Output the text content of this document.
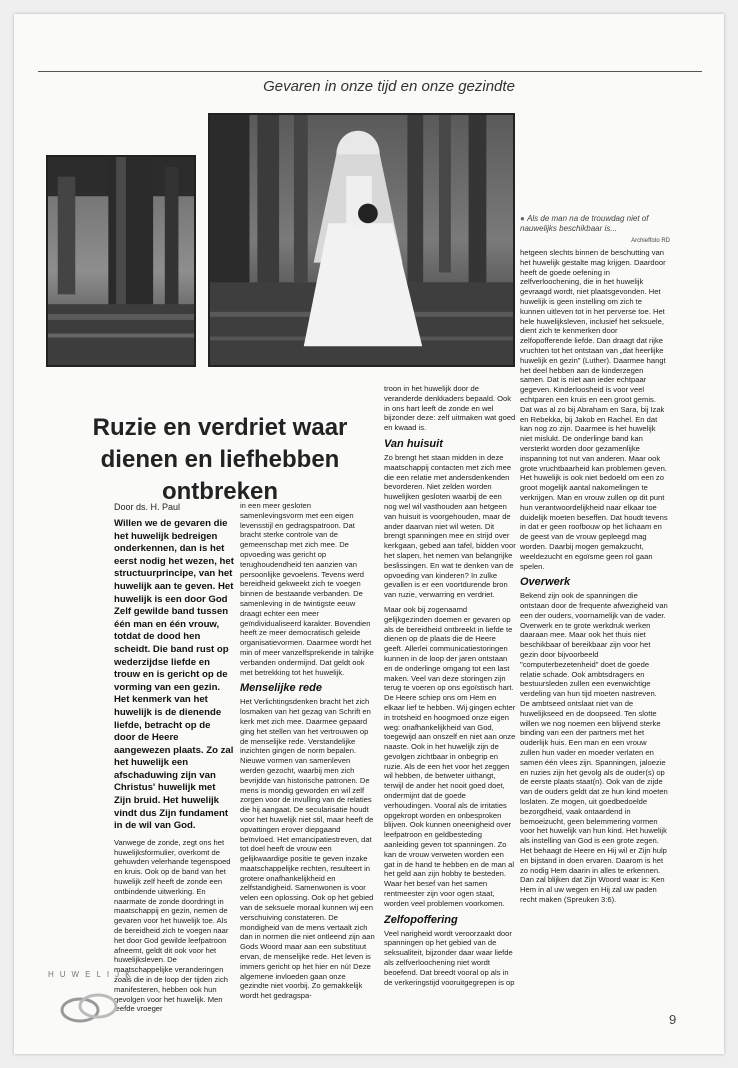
Gevaren in onze tijd en onze gezindte
● Als de man na de trouwdag niet of nauwelijks beschikbaar is...
Archieffoto RD
Ruzie en verdriet waar dienen en liefhebben ontbreken

Door ds. H. Paul

Willen we de gevaren die het huwelijk bedreigen onderkennen, dan is het eerst nodig het wezen, het structuurprincipe, van het huwelijk aan te geven. Het huwelijk is een door God Zelf gewilde band tussen één man en één vrouw, totdat de dood hen scheidt. Die band rust op wederzijdse liefde en trouw en is gericht op de vorming van een gezin. Het kenmerk van het huwelijk is de dienende liefde, betracht op de door de Heere aangewezen plaats. Zo zal het huwelijk een afschaduwing zijn van Christus' huwelijk met Zijn bruid. Het huwelijk vindt dus Zijn fundament in de wil van God.

Vanwege de zonde, zegt ons het huwelijksformulier, overkomt de gehuwden velerhande tegenspoed en kruis. Ook op de band van het huwelijk zelf heeft de zonde een ontbindende uitwerking. En naarmate de zonde doordringt in maatschappij en gezin, nemen de gevaren voor het huwelijk toe. Als de bereidheid zich te voegen naar het door God gewilde leefpatroon afneemt, geldt dit ook voor het huwelijksleven. De maatschappelijke veranderingen zoals die in de loop der tijden zich manifesteren, hebben ook hun gevolgen voor het huwelijk. Men leefde vroeger

in een meer gesloten samenlevingsvorm met een eigen levensstijl en gedragspatroon. Dat bracht sterke controle van de gemeenschap met zich mee. De opvoeding was gericht op terughoudendheid ten aanzien van persoonlijke gevoelens. Tevens werd bereidheid gekweekt zich te voegen binnen de bestaande verbanden. De samenleving in de twintigste eeuw draagt echter een meer geïndividualiseerd karakter. Bovendien heeft ze meer democratisch geleide organisatievormen. Daarmee wordt het min of meer vanzelfsprekende in talrijke verbanden ondermijnd. Dat geldt ook met betrekking tot het huwelijk.

Menselijke rede

Het Verlichtingsdenken bracht het zich losmaken van het gezag van Schrift en kerk met zich mee. Daarmee gepaard ging het stellen van het vertrouwen op de menselijke rede. Verstandelijke inzichten gingen de norm bepalen. Nieuwe vormen van samenleven werden gezocht, waarbij men zich bevrijdde van historische patronen. De mens is mondig geworden en wil zelf zorgen voor de invulling van de relaties die hij aangaat. De secularisatie houdt voor het huwelijk niet stil, maar heeft de opvattingen erover diepgaand beïnvloed. Het emancipatiestreven, dat tot doel heeft de vrouw een gelijkwaardige positie te geven inzake maatschappelijke rechten, resulteert in grotere onafhankelijkheid en zelfstandigheid. Samenwonen is voor velen een oplossing. Ook op het gebied van de seksuele moraal kunnen wij een verschuiving constateren. De mondigheid van de mens vertaalt zich dan in normen die niet ontleend zijn aan Gods Woord maar aan een substituut ervan, de menselijke rede. Het leven is immers gericht op het hier en nú! Deze algemene invloeden gaan onze gezindte niet voorbij. Zo gemakkelijk wordt het gedragspa-

troon in het huwelijk door de veranderde denkkaders bepaald. Ook in ons hart leeft de zonde en wel bijzonder deze: zelf uitmaken wat goed en kwaad is.

Van huisuit

Zo brengt het staan midden in deze maatschappij contacten met zich mee die een relatie met andersdenkenden bevorderen. Niet zelden worden huwelijken gesloten waarbij de een nog wel wil vasthouden aan hetgeen van huisuit is voorgehouden, maar de ander daarvan niet wil weten. Dit brengt spanningen mee en strijd over kerkgaan, gebed aan tafel, bidden voor het slapen, het nemen van belangrijke beslissingen. En wat te denken van de opvoeding van kinderen? In zulke gevallen is er een voortdurende bron van ruzie, verwarring en verdriet.

Maar ook bij zogenaamd gelijkgezinden doemen er gevaren op als de bereidheid ontbreekt in liefde te dienen op de plaats die de Heere geeft. Allerlei communicatiestoringen kunnen in de loop der jaren ontstaan en de onderlinge omgang tot een last maken. Veel van deze storingen zijn terug te voeren op ons egoïstisch hart. De Heere schiep ons om Hem en elkaar lief te hebben. Wij gingen echter in trotsheid en hoogmoed onze eigen weg: onafhankelijkheid van God, toegewijd aan onszelf en niet aan onze naaste. Ook in het huwelijk zijn de gevolgen zichtbaar in onbegrip en ruzie. Als de een het voor het zeggen wil hebben, de betweter uithangt, terwijl de ander het nooit goed doet, ondermijnt dat de goede verhoudingen. Vooral als de irritaties opgekropt worden en onbesproken blijven. Ook kunnen oneenigheid over leefpatroon en geldbesteding aanleiding geven tot spanningen. Zo kan de vrouw verweten worden een gat in de hand te hebben en de man al het geld aan zijn hobby te besteden. Waar het besef van het samen rentmeester zijn voor ogen staat, worden veel problemen voorkomen.

Zelfopoffering

Veel narigheid wordt veroorzaakt door spanningen op het gebied van de seksualiteit, bijzonder daar waar liefde als zelfverloochening niet wordt beoefend. Dat breedt vooral op als in de verkeringstijd vooruitgegrepen is op

hetgeen slechts binnen de beschutting van het huwelijk gestalte mag krijgen. Daardoor heeft de goede oefening in zelfverloochening, die in het huwelijk gevraagd wordt, niet plaatsgevonden. Het huwelijk is geen instelling om zich te kunnen uitleven tot in het perverse toe. Het hele huwelijksleven, inclusief het seksuele, dient zich te kenmerken door zelfopofferende liefde. Dan draagt dat rijke vruchten tot het ontstaan van „dat heerlijke huwelijk en gezin” (Luther). Daarmee hangt het deel hebben aan de kinderzegen samen. Dat is niet aan ieder echtpaar gegeven. Kinderloosheid is voor veel echtparen een kruis en een groot gemis. Dat was al zo bij Abraham en Sara, bij Izak en Rebekka, bij Jakob en Rachel. En dat kan nog zo zijn. Daarmee is het huwelijk niet mislukt. De onderlinge band kan versterkt worden door gezamenlijke inspanning tot nut van anderen. Maar ook grote vruchtbaarheid kan problemen geven. Het huwelijk is ook niet bedoeld om een zo groot mogelijk aantal nakomelingen te verkrijgen. Man en vrouw zullen op dit punt hun verantwoordelijkheid naar elkaar toe duidelijk moeten beseffen. Dat houdt tevens in dat er geen roofbouw op het lichaam en de geest van de vrouw gepleegd mag worden. Daarbij mogen gemakzucht, weeldezucht en egoïsme geen rol gaan spelen.

Overwerk

Bekend zijn ook de spanningen die ontstaan door de frequente afwezigheid van een der ouders, voornamelijk van de vader. Overwerk en te grote werkdruk werken daaraan mee. Maar ook het thuis niet beschikbaar of bereikbaar zijn voor het gezin door bijvoorbeeld "computerbezetenheid" doet de goede relatie schade. Ook ambtsdragers en bestuursleden zullen een evenwichtige verdeling van hun tijd moeten nastreven. De ambtseed ontslaat niet van de huwelijkseed en de doopseed. Ten slotte willen we nog noemen een blijvend sterke binding van een der partners met het ouderlijk huis. Een man en een vrouw zullen hun vader en moeder verlaten en samen één vlees zijn. Spanningen, jaloezie en ruzies zijn het gevolg als de ouder(s) op de eerste plaats staat(n). Ook van de zijde van de ouders geldt dat ze hun kind moeten loslaten. Ze mogen, uit goedbedoelde bezorgdheid, vaak ontaardend in bemoeizucht, geen belemmering vormen voor het huwelijk van hun kind. Het huwelijk als instelling van God is een grote zegen. Het behaagt de Heere en Hij wil er Zijn hulp en bijstand in doen ervaren. Daarom is het zo nodig Hem daarin in alles te erkennen. Dan zal blijken dat Zijn Woord waar is: Ken Hem in al uw wegen en Hij zal uw paden recht maken (Spreuken 3:6).

HUWELIJK
9
